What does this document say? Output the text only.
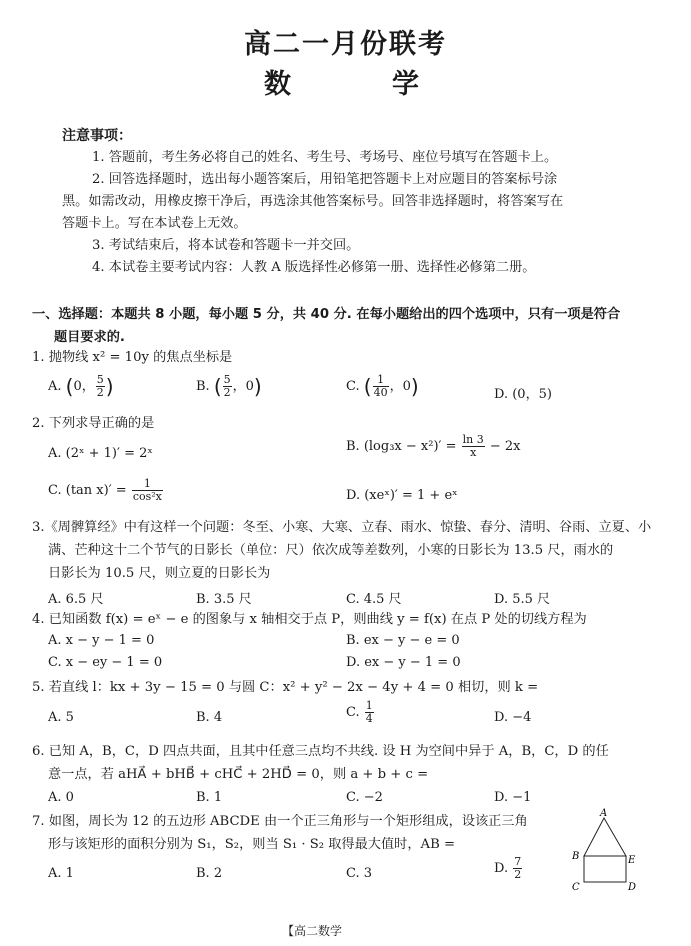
高二一月份联考
数	学
注意事项：
1. 答题前，考生务必将自己的姓名、考生号、考场号、座位号填写在答题卡上。
2. 回答选择题时，选出每小题答案后，用铅笔把答题卡上对应题目的答案标号涂
黑。如需改动，用橡皮擦干净后，再选涂其他答案标号。回答非选择题时，将答案写在
答题卡上。写在本试卷上无效。
3. 考试结束后，将本试卷和答题卡一并交回。
4. 本试卷主要考试内容：人教 A 版选择性必修第一册、选择性必修第二册。
一、选择题：本题共 8 小题，每小题 5 分，共 40 分. 在每小题给出的四个选项中，只有一项是符合
题目要求的.
1. 抛物线 x² = 10y 的焦点坐标是
A. (0， $\frac{5}{2}$ )	B. ( $\frac{5}{2}$ ，0)	C. ( $\frac{1}{40}$ ，0)	D. (0，5)
2. 下列求导正确的是
A. (2ˣ + 1)′ = 2ˣ	B. $(\log_3x - x^2)' = \frac{\ln 3}{x} - 2x$
C. (tan $x)' = \frac{1}{\text{cos²x}}$	D. (xeˣ)′ = 1 + eˣ
3.《周髀算经》中有这样一个问题：冬至、小寒、大寒、立春、雨水、惊蛰、春分、清明、谷雨、立夏、小
满、芒种这十二个节气的日影长（单位：尺）依次成等差数列，小寒的日影长为 13.5 尺，雨水的
日影长为 10.5 尺，则立夏的日影长为
A. 6.5 尺	B. 3.5 尺	C. 4.5 尺	D. 5.5 尺
4. 已知函数 f(x) = eˣ − e 的图象与 x 轴相交于点 P，则曲线 y = f(x) 在点 P 处的切线方程为
A. x − y − 1 = 0	B. ex − y − e = 0
C. x − ey − 1 = 0	D. ex − y − 1 = 0
5. 若直线 l：kx + 3y − 15 = 0 与圆 C：x² + y² − 2x − 4y + 4 = 0 相切，则 k =
A. 5	B. 4	C. $\frac{1}{4}$	D. −4
6. 已知 A，B，C，D 四点共面，且其中任意三点均不共线. 设 H 为空间中异于 A，B，C，D 的任
意一点，若 aHA⃗ + bHB⃗ + cHC⃗ + 2HD⃗ = 0，则 a + b + c =
A. 0	B. 1	C. −2	D. −1
7. 如图，周长为 12 的五边形 ABCDE 由一个正三角形与一个矩形组成，设该正三角
形与该矩形的面积分别为 S₁，S₂，则当 S₁ · S₂ 取得最大值时，AB =
A. 1	B. 2	C. 3	D. $\frac{7}{2}$
A
B	E
C	D
【高二数学
